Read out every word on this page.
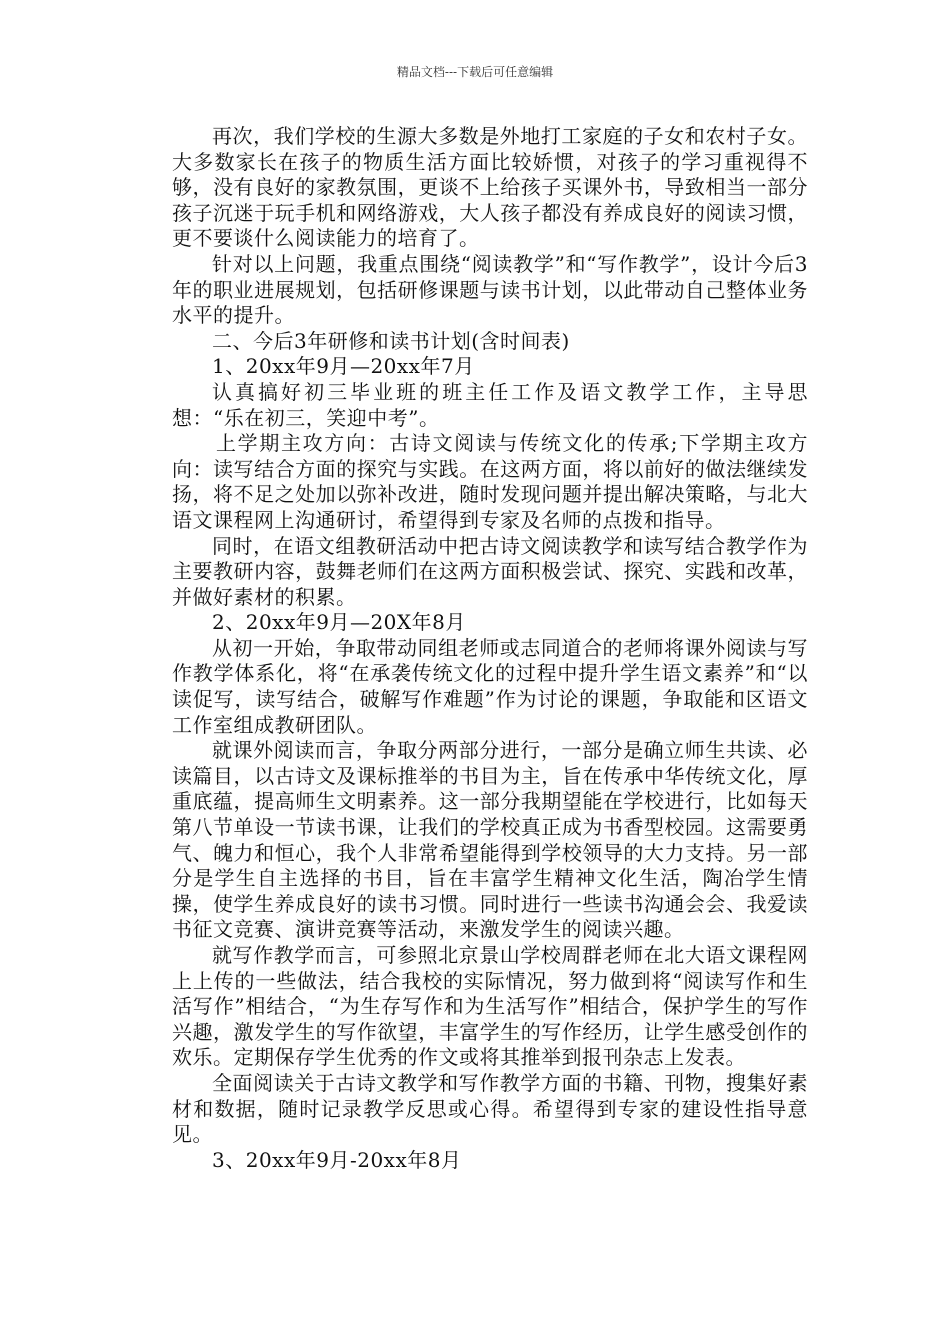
精品文档---下载后可任意编辑

再次，我们学校的生源大多数是外地打工家庭的子女和农村子女。大多数家长在孩子的物质生活方面比较娇惯，对孩子的学习重视得不够，没有良好的家教氛围，更谈不上给孩子买课外书，导致相当一部分孩子沉迷于玩手机和网络游戏，大人孩子都没有养成良好的阅读习惯，更不要谈什么阅读能力的培育了。

针对以上问题，我重点围绕“阅读教学”和“写作教学”，设计今后3年的职业进展规划，包括研修课题与读书计划，以此带动自己整体业务水平的提升。

二、今后3年研修和读书计划(含时间表)

1、20xx年9月—20xx年7月

认真搞好初三毕业班的班主任工作及语文教学工作，主导思想：“乐在初三，笑迎中考”。

上学期主攻方向：古诗文阅读与传统文化的传承;下学期主攻方向：读写结合方面的探究与实践。在这两方面，将以前好的做法继续发扬，将不足之处加以弥补改进，随时发现问题并提出解决策略，与北大语文课程网上沟通研讨，希望得到专家及名师的点拨和指导。

同时，在语文组教研活动中把古诗文阅读教学和读写结合教学作为主要教研内容，鼓舞老师们在这两方面积极尝试、探究、实践和改革，并做好素材的积累。

2、20xx年9月—20X年8月

从初一开始，争取带动同组老师或志同道合的老师将课外阅读与写作教学体系化，将“在承袭传统文化的过程中提升学生语文素养”和“以读促写，读写结合，破解写作难题”作为讨论的课题，争取能和区语文工作室组成教研团队。

就课外阅读而言，争取分两部分进行，一部分是确立师生共读、必读篇目，以古诗文及课标推举的书目为主，旨在传承中华传统文化，厚重底蕴，提高师生文明素养。这一部分我期望能在学校进行，比如每天第八节单设一节读书课，让我们的学校真正成为书香型校园。这需要勇气、魄力和恒心，我个人非常希望能得到学校领导的大力支持。另一部分是学生自主选择的书目，旨在丰富学生精神文化生活，陶冶学生情操，使学生养成良好的读书习惯。同时进行一些读书沟通会会、我爱读书征文竞赛、演讲竞赛等活动，来激发学生的阅读兴趣。

就写作教学而言，可参照北京景山学校周群老师在北大语文课程网上上传的一些做法，结合我校的实际情况，努力做到将“阅读写作和生活写作”相结合，“为生存写作和为生活写作”相结合，保护学生的写作兴趣，激发学生的写作欲望，丰富学生的写作经历，让学生感受创作的欢乐。定期保存学生优秀的作文或将其推举到报刊杂志上发表。

全面阅读关于古诗文教学和写作教学方面的书籍、刊物，搜集好素材和数据，随时记录教学反思或心得。希望得到专家的建设性指导意见。

3、20xx年9月-20xx年8月
